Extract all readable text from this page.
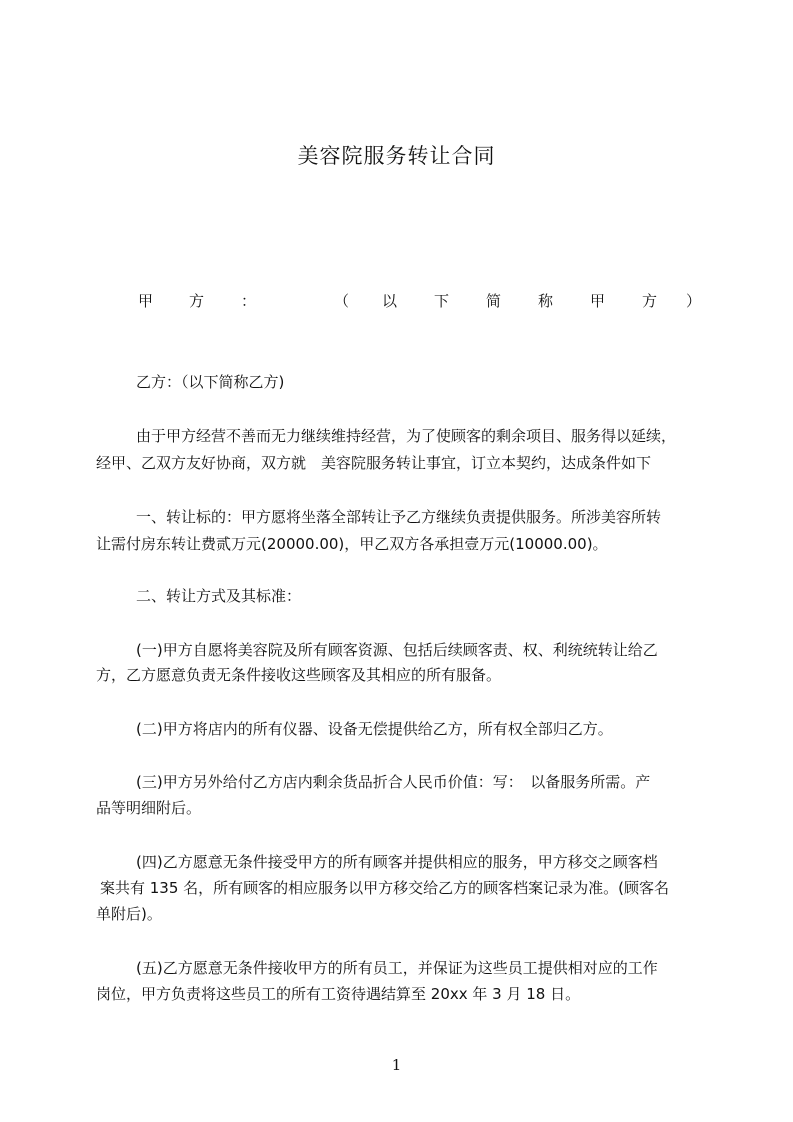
美容院服务转让合同
甲 方 ：	（ 以 下 简 称 甲 方 ）
乙方：（以下简称乙方)
由于甲方经营不善而无力继续维持经营，为了使顾客的剩余项目、服务得以延续，
经甲、乙双方友好协商，双方就　美容院服务转让事宜，订立本契约，达成条件如下
一、转让标的：甲方愿将坐落全部转让予乙方继续负责提供服务。所涉美容所转
让需付房东转让费贰万元(20000.00)，甲乙双方各承担壹万元(10000.00)。
二、转让方式及其标准：
(一)甲方自愿将美容院及所有顾客资源、包括后续顾客责、权、利统统转让给乙
方，乙方愿意负责无条件接收这些顾客及其相应的所有服备。
(二)甲方将店内的所有仪器、设备无偿提供给乙方，所有权全部归乙方。
(三)甲方另外给付乙方店内剩余货品折合人民币价值：写：　以备服务所需。产
品等明细附后。
(四)乙方愿意无条件接受甲方的所有顾客并提供相应的服务，甲方移交之顾客档
案共有 135 名，所有顾客的相应服务以甲方移交给乙方的顾客档案记录为准。(顾客名
单附后)。
(五)乙方愿意无条件接收甲方的所有员工，并保证为这些员工提供相对应的工作
岗位，甲方负责将这些员工的所有工资待遇结算至 20xx 年 3 月 18 日。
1
